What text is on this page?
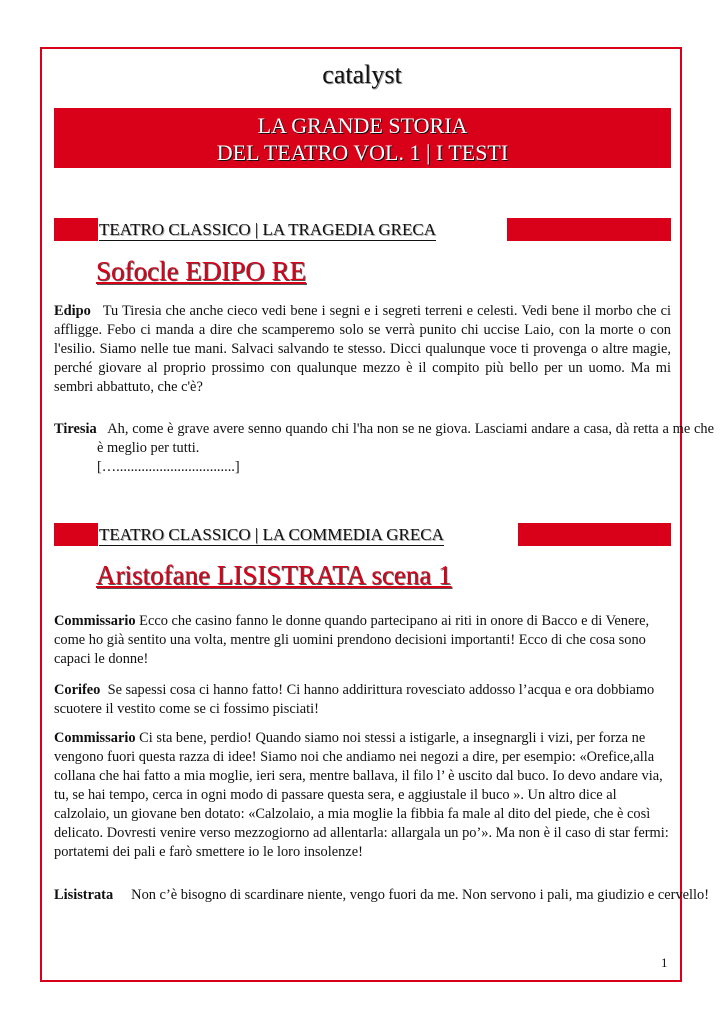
catalyst
LA GRANDE STORIA
DEL TEATRO VOL. 1 | I TESTI
TEATRO CLASSICO | LA TRAGEDIA GRECA
Sofocle EDIPO RE

Edipo Tu Tiresia che anche cieco vedi bene i segni e i segreti terreni e celesti. Vedi bene il morbo che ci affligge. Febo ci manda a dire che scamperemo solo se verrà punito chi uccise Laio, con la morte o con l'esilio. Siamo nelle tue mani. Salvaci salvando te stesso. Dicci qualunque voce ti provenga o altre magie, perché giovare al proprio prossimo con qualunque mezzo è il compito più bello per un uomo. Ma mi sembri abbattuto, che c'è?

Tiresia Ah, come è grave avere senno quando chi l'ha non se ne giova. Lasciami andare a casa, dà retta a me che è meglio per tutti.
[….................................]

TEATRO CLASSICO | LA COMMEDIA GRECA
Aristofane LISISTRATA scena 1

Commissario Ecco che casino fanno le donne quando partecipano ai riti in onore di Bacco e di Venere, come ho già sentito una volta, mentre gli uomini prendono decisioni importanti! Ecco di che cosa sono capaci le donne!

Corifeo Se sapessi cosa ci hanno fatto! Ci hanno addirittura rovesciato addosso l’acqua e ora dobbiamo scuotere il vestito come se ci fossimo pisciati!

Commissario Ci sta bene, perdio! Quando siamo noi stessi a istigarle, a insegnargli i vizi, per forza ne vengono fuori questa razza di idee! Siamo noi che andiamo nei negozi a dire, per esempio: «Orefice,alla collana che hai fatto a mia moglie, ieri sera, mentre ballava, il filo l’ è uscito dal buco. Io devo andare via, tu, se hai tempo, cerca in ogni modo di passare questa sera, e aggiustale il buco ». Un altro dice al calzolaio, un giovane ben dotato: «Calzolaio, a mia moglie la fibbia fa male al dito del piede, che è così delicato. Dovresti venire verso mezzogiorno ad allentarla: allargala un po’». Ma non è il caso di star fermi: portatemi dei pali e farò smettere io le loro insolenze!

Lisistrata Non c’è bisogno di scardinare niente, vengo fuori da me. Non servono i pali, ma giudizio e cervello!

1
